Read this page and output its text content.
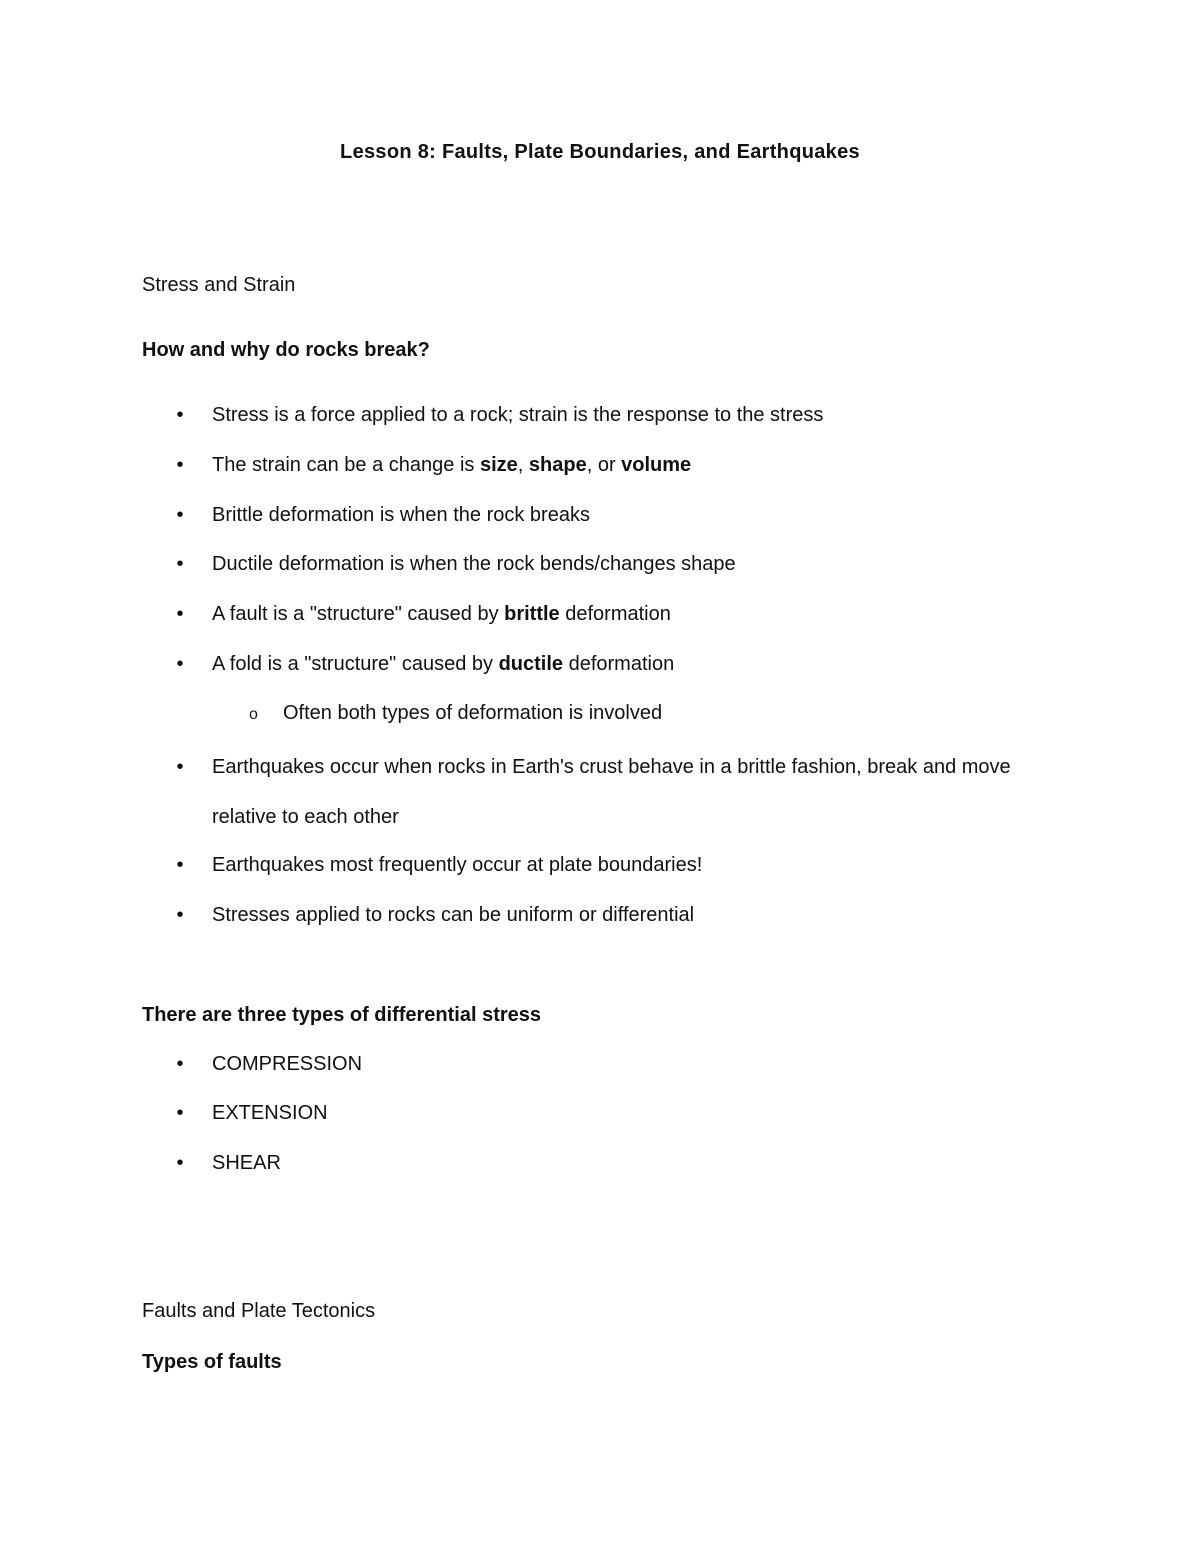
Lesson 8: Faults, Plate Boundaries, and Earthquakes

Stress and Strain

How and why do rocks break?

• Stress is a force applied to a rock; strain is the response to the stress
• The strain can be a change is size, shape, or volume
• Brittle deformation is when the rock breaks
• Ductile deformation is when the rock bends/changes shape
• A fault is a "structure" caused by brittle deformation
• A fold is a "structure" caused by ductile deformation
o Often both types of deformation is involved
• Earthquakes occur when rocks in Earth's crust behave in a brittle fashion, break and move relative to each other
• Earthquakes most frequently occur at plate boundaries!
• Stresses applied to rocks can be uniform or differential

There are three types of differential stress

• COMPRESSION
• EXTENSION
• SHEAR

Faults and Plate Tectonics

Types of faults
